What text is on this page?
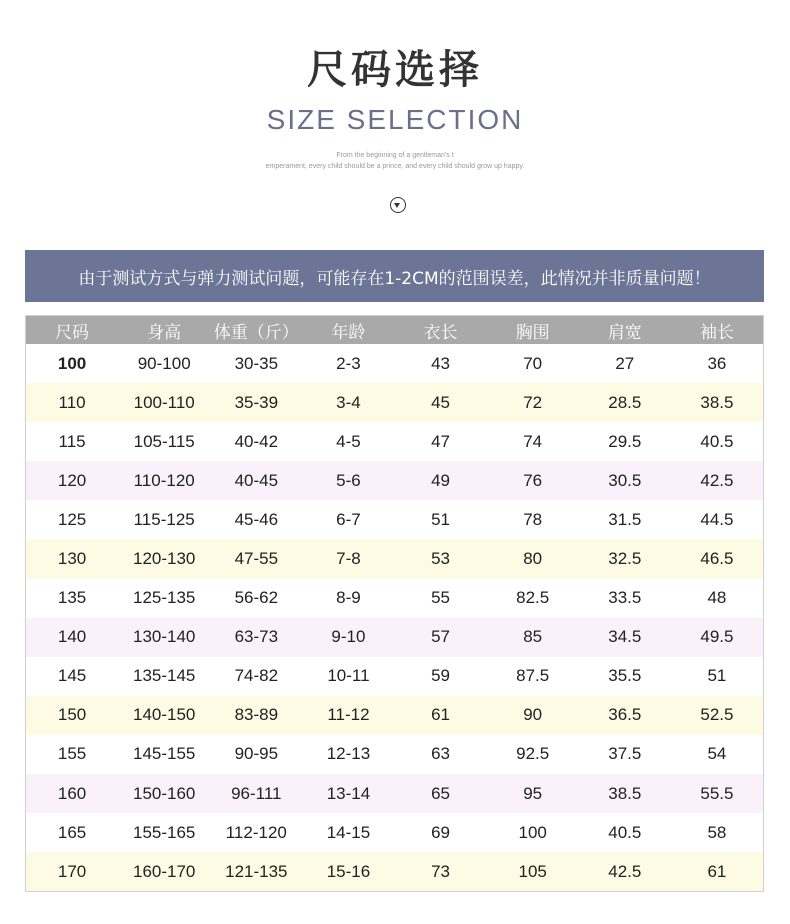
尺码选择
SIZE SELECTION
From the beginning of a gentleman's t
emperament, every child should be a prince, and every child should grow up happy.
由于测试方式与弹力测试问题，可能存在1-2CM的范围误差，此情况并非质量问题！
尺码	身高	体重（斤）	年龄	衣长	胸围	肩宽	袖长
100	90-100	30-35	2-3	43	70	27	36
110	100-110	35-39	3-4	45	72	28.5	38.5
115	105-115	40-42	4-5	47	74	29.5	40.5
120	110-120	40-45	5-6	49	76	30.5	42.5
125	115-125	45-46	6-7	51	78	31.5	44.5
130	120-130	47-55	7-8	53	80	32.5	46.5
135	125-135	56-62	8-9	55	82.5	33.5	48
140	130-140	63-73	9-10	57	85	34.5	49.5
145	135-145	74-82	10-11	59	87.5	35.5	51
150	140-150	83-89	11-12	61	90	36.5	52.5
155	145-155	90-95	12-13	63	92.5	37.5	54
160	150-160	96-111	13-14	65	95	38.5	55.5
165	155-165	112-120	14-15	69	100	40.5	58
170	160-170	121-135	15-16	73	105	42.5	61
